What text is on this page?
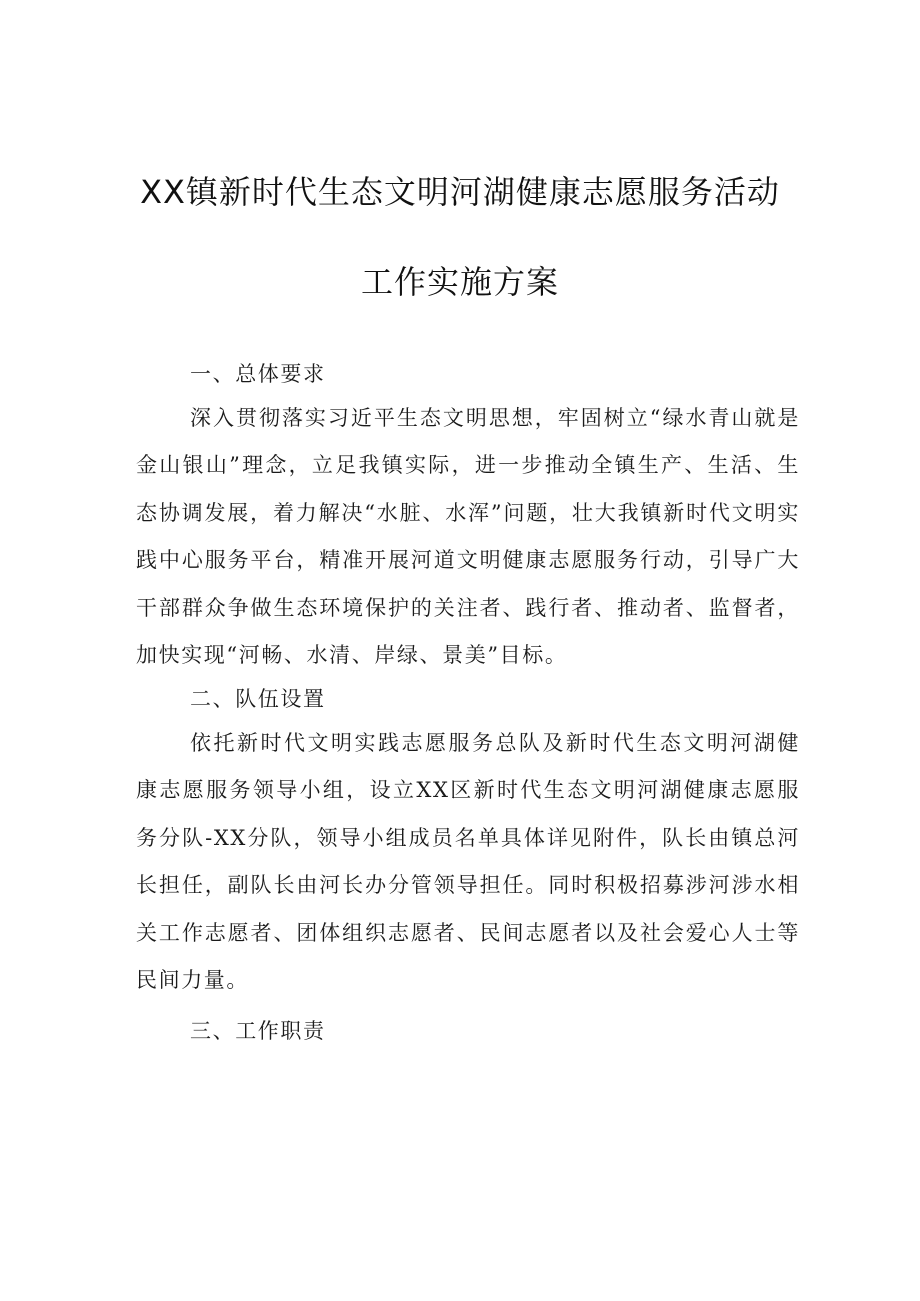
XX镇新时代生态文明河湖健康志愿服务活动
工作实施方案
一、总体要求

深入贯彻落实习近平生态文明思想，牢固树立“绿水青山就是金山银山”理念，立足我镇实际，进一步推动全镇生产、生活、生态协调发展，着力解决“水脏、水浑”问题，壮大我镇新时代文明实践中心服务平台，精准开展河道文明健康志愿服务行动，引导广大干部群众争做生态环境保护的关注者、践行者、推动者、监督者，加快实现“河畅、水清、岸绿、景美”目标。

二、队伍设置

依托新时代文明实践志愿服务总队及新时代生态文明河湖健康志愿服务领导小组，设立XX区新时代生态文明河湖健康志愿服务分队-XX分队，领导小组成员名单具体详见附件，队长由镇总河长担任，副队长由河长办分管领导担任。同时积极招募涉河涉水相关工作志愿者、团体组织志愿者、民间志愿者以及社会爱心人士等民间力量。

三、工作职责
